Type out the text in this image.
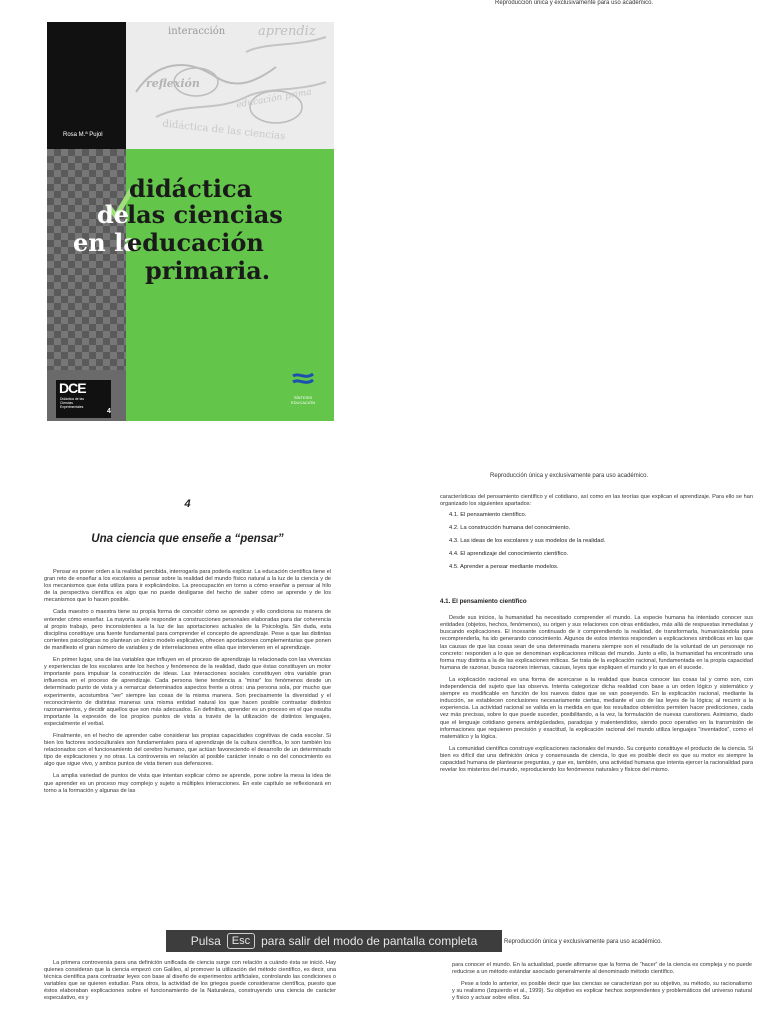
Reproducción única y exclusivamente para uso académico.
Rosa M.ª Pujol
interacción	aprendiz
reflexión
educación prima
didáctica de las ciencias
didáctica
de
las ciencias
en la
educación
primaria.
DCE
Didáctica de las Ciencias Experimentales
4
SÍNTESIS
EDUCACIÓN
Reproducción única y exclusivamente para uso académico.
4
Una ciencia que enseñe a “pensar”

Pensar es poner orden a la realidad percibida, interrogarla para poderla explicar. La educación científica tiene el gran reto de enseñar a los escolares a pensar sobre la realidad del mundo físico natural a la luz de la ciencia y de los mecanismos que ésta utiliza para ir explicándolos. La preocupación en torno a cómo enseñar a pensar al hilo de la perspectiva científica es algo que no puede desligarse del hecho de saber cómo se aprende y de los mecanismos que lo hacen posible.

Cada maestro o maestra tiene su propia forma de concebir cómo se aprende y ello condiciona su manera de entender cómo enseñar. La mayoría suele responder a construcciones personales elaboradas para dar coherencia al propio trabajo, pero inconsistentes a la luz de las aportaciones actuales de la Psicología. Sin duda, esta disciplina constituye una fuente fundamental para comprender el concepto de aprendizaje. Pese a que las distintas corrientes psicológicas no plantean un único modelo explicativo, ofrecen aportaciones complementarias que ponen de manifiesto el gran número de variables y de interrelaciones entre ellas que intervienen en el aprendizaje.

En primer lugar, una de las variables que influyen en el proceso de aprendizaje la relacionada con las vivencias y experiencias de los escolares ante los hechos y fenómenos de la realidad, dado que éstas constituyen un motor importante para impulsar la construcción de ideas. Las interacciones sociales constituyen otra variable gran influencia en el proceso de aprendizaje. Cada persona tiene tendencia a “mirar” los fenómenos desde un determinado punto de vista y a remarcar determinados aspectos frente a otros: una persona sola, por mucho que experimente, acostumbra “ver” siempre las cosas de la misma manera. Son precisamente la diversidad y el reconocimiento de distintas maneras una misma entidad natural los que hacen posible contrastar distintos razonamientos, y decidir aquellos que son más adecuados. En definitiva, aprender es un proceso en el que resulta importante la expresión de los propios puntos de vista a través de la utilización de distintos lenguajes, especialmente el verbal.

Finalmente, en el hecho de aprender cabe considerar las propias capacidades cognitivas de cada escolar. Si bien los factores socioculturales son fundamentales para el aprendizaje de la cultura científica, lo son también los relacionados con el funcionamiento del cerebro humano, que actúan favoreciendo el desarrollo de un determinado tipo de explicaciones y no otras. La controversia en relación al posible carácter innato o no del conocimiento es algo que sigue vivo, y ambos puntos de vista tienen sus defensores.

La amplia variedad de puntos de vista que intentan explicar cómo se aprende, pone sobre la mesa la idea de que aprender es un proceso muy complejo y sujeto a múltiples interacciones. En este capítulo se reflexionará en torno a la formación y algunas de las

características del pensamiento científico y el cotidiano, así como en las teorías que explican el aprendizaje. Para ello se han organizado los siguientes apartados:
4.1. El pensamiento científico.
4.2. La construcción humana del conocimiento.
4.3. Las ideas de los escolares y sus modelos de la realidad.
4.4. El aprendizaje del conocimiento científico.
4.5. Aprender a pensar mediante modelos.
4.1. El pensamiento científico

Desde sus inicios, la humanidad ha necesitado comprender el mundo. La especie humana ha intentado conocer sus entidades (objetos, hechos, fenómenos), su origen y sus relaciones con otras entidades, más allá de respuestas inmediatas y buscando explicaciones. El incesante continuado de ir comprendiendo la realidad, de transformarla, humanizándola para recomprenderla, ha ido generando conocimiento. Algunos de estos intentos responden a explicaciones simbólicas en las que las causas de que las cosas sean de una determinada manera siempre son el resultado de la voluntad de un personaje no concreto: responden a lo que se denominan explicaciones míticas del mundo. Junto a ello, la humanidad ha encontrado una forma muy distinta a la de las explicaciones míticas. Se trata de la explicación racional, fundamentada en la propia capacidad humana de razonar, busca razones internas, causas, leyes que expliquen el mundo y lo que en él sucede.

La explicación racional es una forma de acercarse a la realidad que busca conocer las cosas tal y como son, con independencia del sujeto que las observa. Intenta categorizar dicha realidad con base a un orden lógico y sistemático y siempre es modificable en función de los nuevos datos que se van poseyendo. En la explicación racional, mediante la inducción, se establecen conclusiones necesariamente ciertas, mediante el uso de las leyes de la lógica; al recurrir a la experiencia. La actividad racional se valida en la medida en que los resultados obtenidos permiten hacer predicciones, cada vez más precisas, sobre lo que puede suceder, posibilitando, a la vez, la formulación de nuevas cuestiones. Asimismo, dado que el lenguaje cotidiano genera ambigüedades, paradojas y malentendidos, siendo poco operativo en la transmisión de informaciones que requieren precisión y exactitud, la explicación racional del mundo utiliza lenguajes “inventados”, como el matemático y la lógica.

La comunidad científica construye explicaciones racionales del mundo. Su conjunto constituye el producto de la ciencia. Si bien es difícil dar una definición única y consensuada de ciencia, lo que es posible decir es que su motor es siempre la capacidad humana de plantearse preguntas, y que es, también, una actividad humana que intenta ejercer la racionalidad para revelar los misterios del mundo, reproduciendo los fenómenos naturales y físicos del mismo.

Reproducción única y exclusivamente para uso académico.

La primera controversia para una definición unificada de ciencia surge con relación a cuándo ésta se inició. Hay quienes consideran que la ciencia empezó con Galileo, al promover la utilización del método científico, es decir, una técnica científica para contrastar leyes con base al diseño de experimentos artificiales, controlando las condiciones o variables que se quieren estudiar. Para otros, la actividad de los griegos puede considerarse científica, puesto que éstos elaboraban explicaciones sobre el funcionamiento de la Naturaleza, construyendo una ciencia de carácter especulativo, es y

para conocer el mundo. En la actualidad, puede afirmarse que la forma de “hacer” de la ciencia es compleja y no puede reducirse a un método estándar asociado generalmente al denominado método científico.

Pese a todo lo anterior, es posible decir que las ciencias se caracterizan por su objetivo, su método, su racionalismo y su realismo (Izquierdo et al., 1999). Su objetivo es explicar hechos sorprendentes y problemáticos del universo natural y físico y actuar sobre ellos. Su

Pulsa	Esc para salir del modo de pantalla completa
